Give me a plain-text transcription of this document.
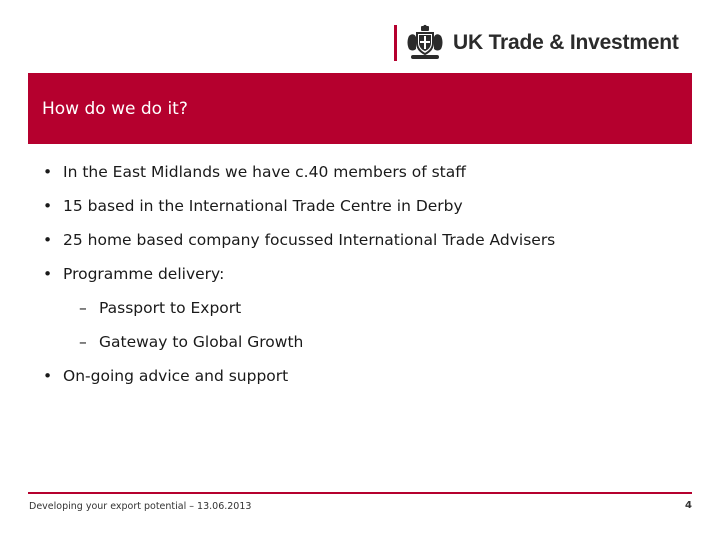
UK Trade & Investment
How do we do it?
• In the East Midlands we have c.40 members of staff
• 15 based in the International Trade Centre in Derby
• 25 home based company focussed International Trade Advisers
• Programme delivery:
– Passport to Export
– Gateway to Global Growth
• On-going advice and support
Developing your export potential – 13.06.2013	4
